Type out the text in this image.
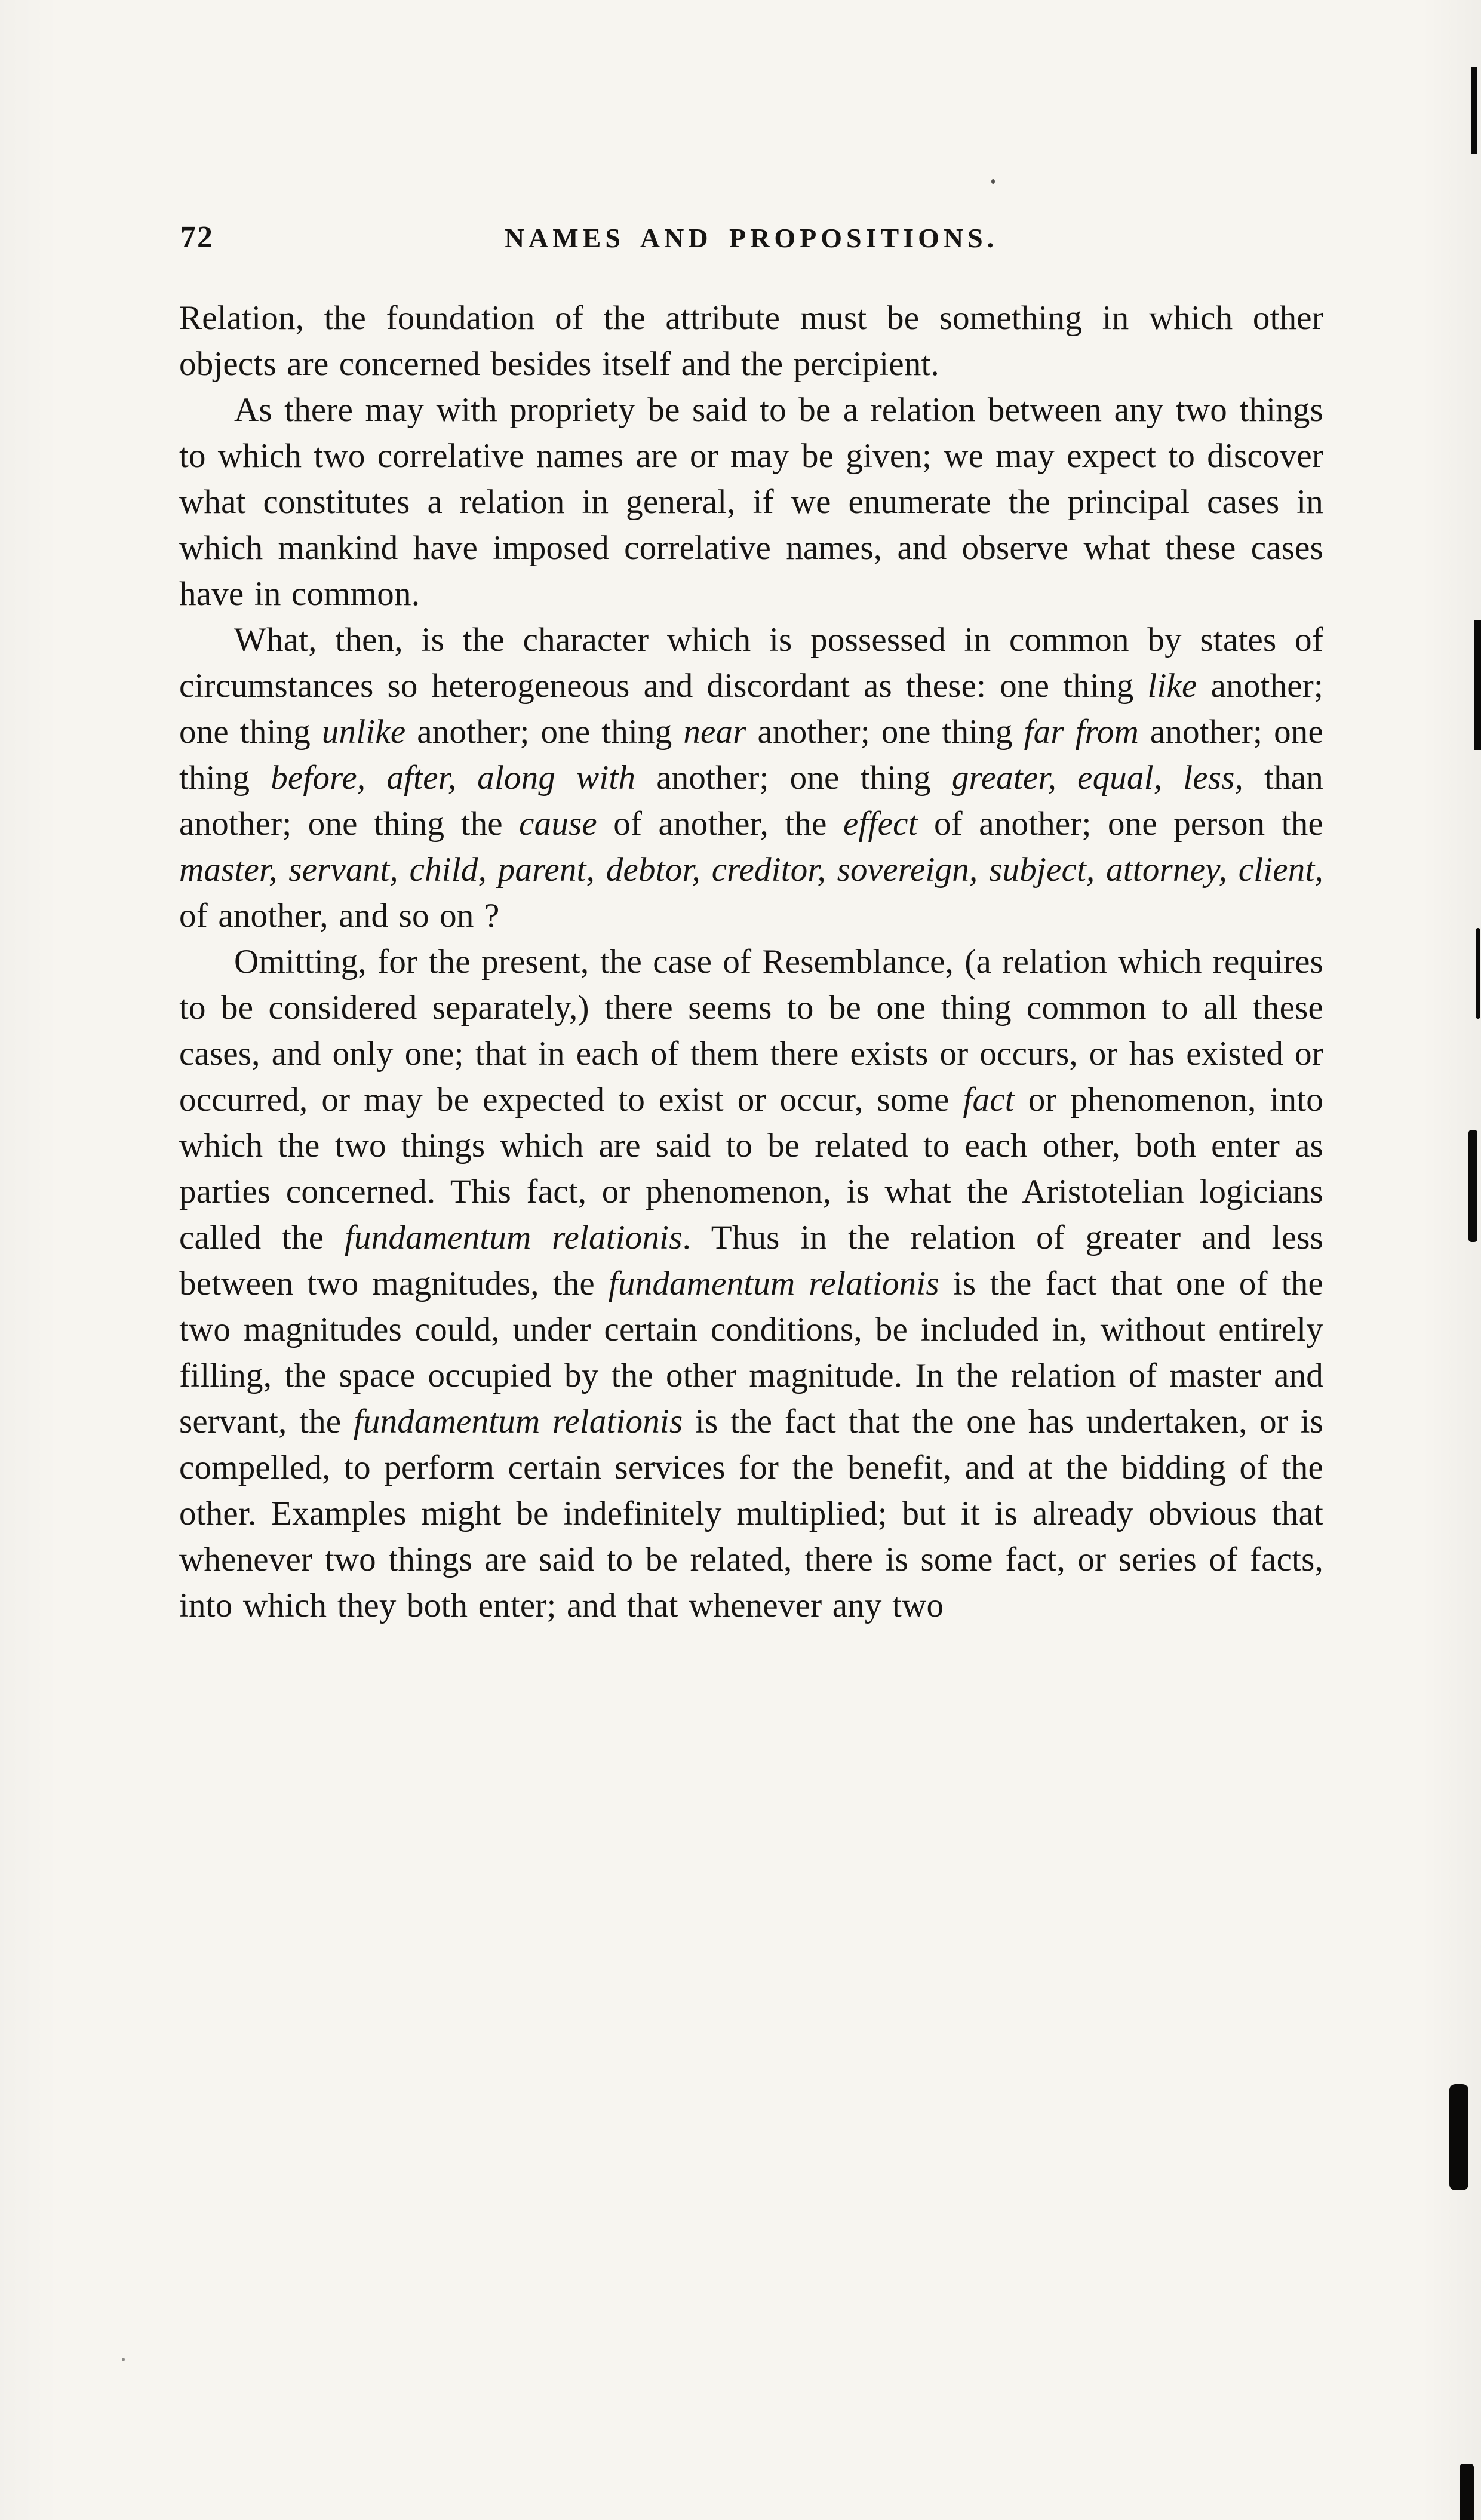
72	NAMES AND PROPOSITIONS.

Relation, the foundation of the attribute must be something in which other objects are concerned besides itself and the percipient.

As there may with propriety be said to be a relation between any two things to which two correlative names are or may be given; we may expect to discover what constitutes a relation in general, if we enumerate the principal cases in which mankind have imposed correlative names, and observe what these cases have in common.

What, then, is the character which is possessed in common by states of circumstances so heterogeneous and discordant as these: one thing like another; one thing unlike another; one thing near another; one thing far from another; one thing before, after, along with another; one thing greater, equal, less, than another; one thing the cause of another, the effect of another; one person the master, servant, child, parent, debtor, creditor, sovereign, subject, attorney, client, of another, and so on ?

Omitting, for the present, the case of Resemblance, (a relation which requires to be considered separately,) there seems to be one thing common to all these cases, and only one; that in each of them there exists or occurs, or has existed or occurred, or may be expected to exist or occur, some fact or phenomenon, into which the two things which are said to be related to each other, both enter as parties concerned. This fact, or phenomenon, is what the Aristotelian logicians called the fundamentum relationis. Thus in the relation of greater and less between two magnitudes, the fundamentum relationis is the fact that one of the two magnitudes could, under certain conditions, be included in, without entirely filling, the space occupied by the other magnitude. In the relation of master and servant, the fundamentum relationis is the fact that the one has undertaken, or is compelled, to perform certain services for the benefit, and at the bidding of the other. Examples might be indefinitely multiplied; but it is already obvious that whenever two things are said to be related, there is some fact, or series of facts, into which they both enter; and that whenever any two
